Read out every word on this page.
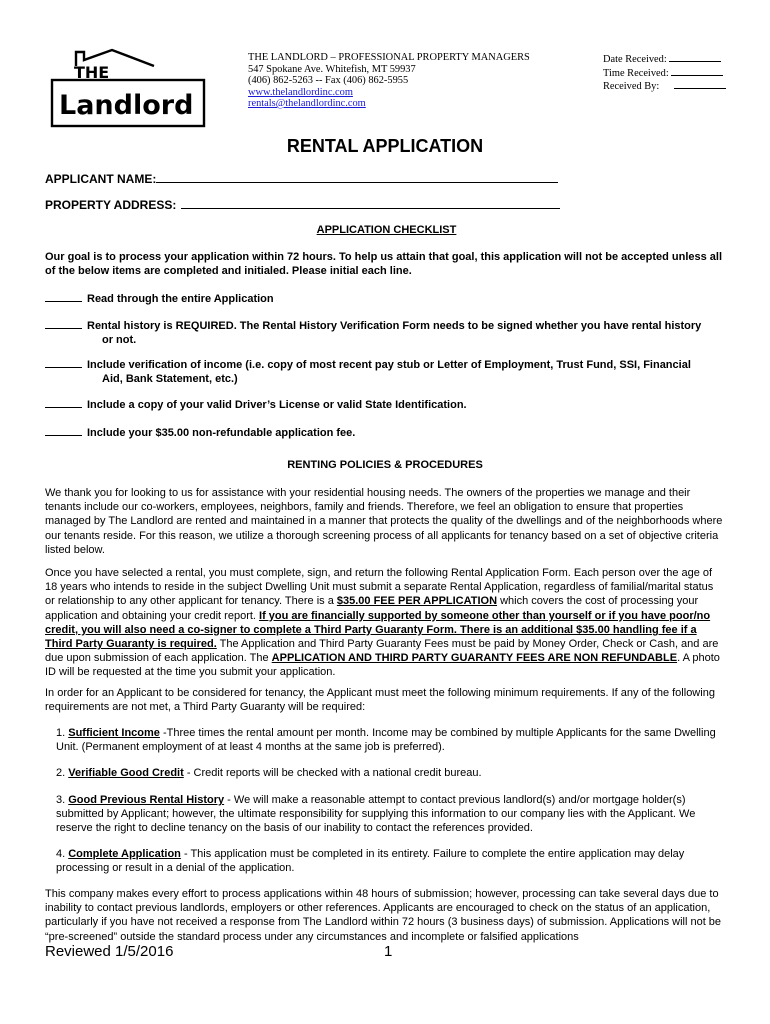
THE
Landlord
THE LANDLORD – PROFESSIONAL PROPERTY MANAGERS
547 Spokane Ave. Whitefish, MT 59937
(406) 862-5263 -- Fax (406) 862-5955
www.thelandlordinc.com
rentals@thelandlordinc.com
Date Received:
Time Received:
Received By:
RENTAL APPLICATION
APPLICANT NAME:
PROPERTY ADDRESS:
APPLICATION CHECKLIST
Our goal is to process your application within 72 hours. To help us attain that goal, this application will not be accepted unless all of the below items are completed and initialed. Please initial each line.
Read through the entire Application
Rental history is REQUIRED. The Rental History Verification Form needs to be signed whether you have rental history
or not.
Include verification of income (i.e. copy of most recent pay stub or Letter of Employment, Trust Fund, SSI, Financial
Aid, Bank Statement, etc.)
Include a copy of your valid Driver’s License or valid State Identification.
Include your $35.00 non-refundable application fee.
RENTING POLICIES & PROCEDURES
We thank you for looking to us for assistance with your residential housing needs. The owners of the properties we manage and their tenants include our co-workers, employees, neighbors, family and friends. Therefore, we feel an obligation to ensure that properties managed by The Landlord are rented and maintained in a manner that protects the quality of the dwellings and of the neighborhoods where our tenants reside. For this reason, we utilize a thorough screening process of all applicants for tenancy based on a set of objective criteria listed below.
Once you have selected a rental, you must complete, sign, and return the following Rental Application Form. Each person over the age of 18 years who intends to reside in the subject Dwelling Unit must submit a separate Rental Application, regardless of familial/marital status or relationship to any other applicant for tenancy. There is a $35.00 FEE PER APPLICATION which covers the cost of processing your application and obtaining your credit report. If you are financially supported by someone other than yourself or if you have poor/no credit, you will also need a co-signer to complete a Third Party Guaranty Form. There is an additional $35.00 handling fee if a Third Party Guaranty is required. The Application and Third Party Guaranty Fees must be paid by Money Order, Check or Cash, and are due upon submission of each application. The APPLICATION AND THIRD PARTY GUARANTY FEES ARE NON REFUNDABLE. A photo ID will be requested at the time you submit your application.
In order for an Applicant to be considered for tenancy, the Applicant must meet the following minimum requirements. If any of the following requirements are not met, a Third Party Guaranty will be required:
1. Sufficient Income -Three times the rental amount per month. Income may be combined by multiple Applicants for the same Dwelling Unit. (Permanent employment of at least 4 months at the same job is preferred).
2. Verifiable Good Credit - Credit reports will be checked with a national credit bureau.
3. Good Previous Rental History - We will make a reasonable attempt to contact previous landlord(s) and/or mortgage holder(s) submitted by Applicant; however, the ultimate responsibility for supplying this information to our company lies with the Applicant. We reserve the right to decline tenancy on the basis of our inability to contact the references provided.
4. Complete Application - This application must be completed in its entirety. Failure to complete the entire application may delay processing or result in a denial of the application.
This company makes every effort to process applications within 48 hours of submission; however, processing can take several days due to inability to contact previous landlords, employers or other references. Applicants are encouraged to check on the status of an application, particularly if you have not received a response from The Landlord within 72 hours (3 business days) of submission. Applications will not be “pre-screened” outside the standard process under any circumstances and incomplete or falsified applications
Reviewed 1/5/2016	1
